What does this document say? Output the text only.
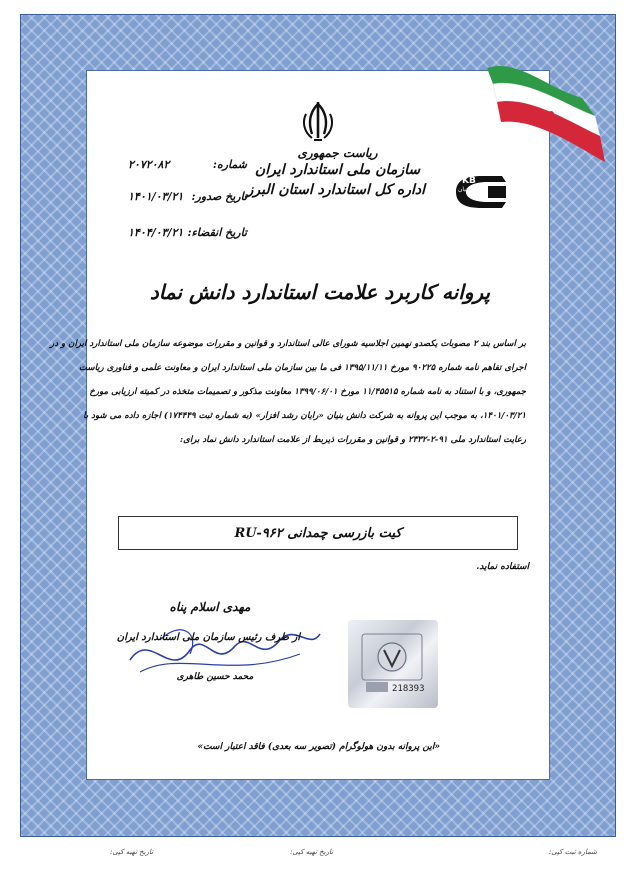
ریاست جمهوری
سازمان ملی استاندارد ایران
اداره کل استاندارد استان البرز
KB
دانش بنیان
شماره:
۲۰۷۲۰۸۲
تاریخ صدور:
۱۴۰۱/۰۳/۲۱
تاریخ انقضاء:
۱۴۰۴/۰۳/۲۱
پروانه کاربرد علامت استاندارد دانش نماد
بر اساس بند ۲ مصوبات یکصدو نهمین اجلاسیه شورای عالی استاندارد و قوانین و مقررات موضوعه سازمان ملی استاندارد ایران و در
اجرای تفاهم نامه شماره ۹۰۲۲۵ مورخ ۱۳۹۵/۱۱/۱۱ فی ما بین سازمان ملی استاندارد ایران و معاونت علمی و فناوری ریاست
جمهوری، و با استناد به نامه شماره ۱۱/۴۵۵۱۵ مورخ ۱۳۹۹/۰۶/۰۱ معاونت مذکور و تصمیمات متخذه در کمیته ارزیابی مورخ
۱۴۰۱/۰۳/۲۱، به موجب این پروانه به شرکت دانش بنیان «رایان رشد افزار» (به شماره ثبت ۱۷۴۴۴۹) اجازه داده می شود با
رعایت استاندارد ملی ۹۱-۲-۲۳۳۲ و قوانین و مقررات ذیربط از علامت استاندارد دانش نماد برای:
کیت بازرسی چمدانی RU-۹۶۲
استفاده نماید.
مهدی اسلام پناه
از طرف رئیس سازمان ملی استاندارد ایران
محمد حسین طاهری
218393
«این پروانه بدون هولوگرام (تصویر سه بعدی) فاقد اعتبار است»
شماره ثبت کپی:
تاریخ تهیه کپی:
تاریخ تهیه کپی:
